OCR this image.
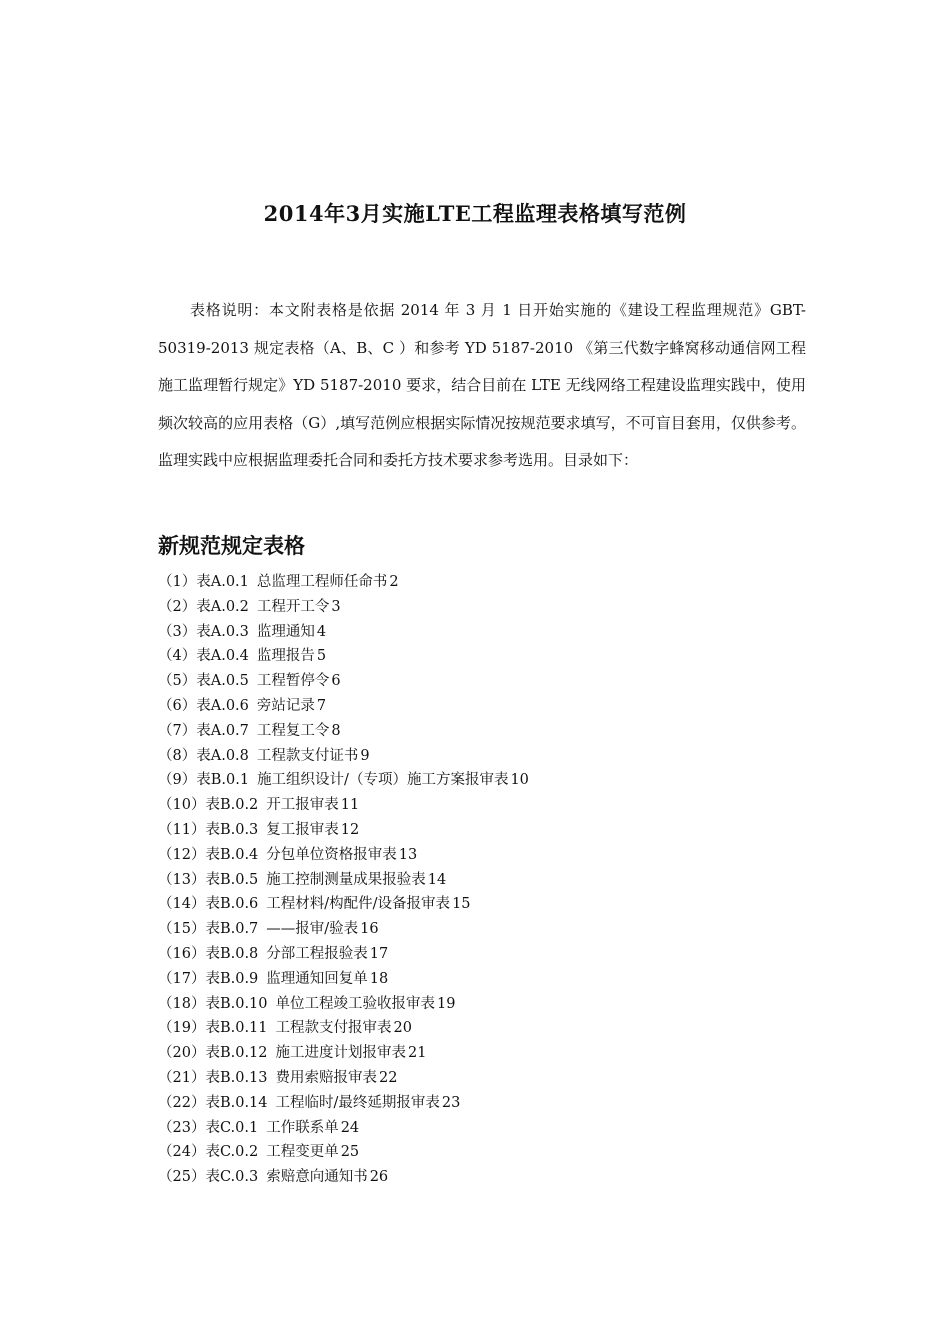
2014年3月实施LTE工程监理表格填写范例

表格说明：本文附表格是依据 2014 年 3 月 1 日开始实施的《建设工程监理规范》GBT-50319-2013 规定表格（A、B、C ）和参考 YD 5187-2010 《第三代数字蜂窝移动通信网工程施工监理暂行规定》YD 5187-2010 要求，结合目前在 LTE 无线网络工程建设监理实践中，使用频次较高的应用表格（G）,填写范例应根据实际情况按规范要求填写，不可盲目套用，仅供参考。监理实践中应根据监理委托合同和委托方技术要求参考选用。目录如下：

新规范规定表格
（1）表A.0.1 总监理工程师任命书 2
（2）表A.0.2 工程开工令 3
（3）表A.0.3 监理通知 4
（4）表A.0.4 监理报告 5
（5）表A.0.5 工程暂停令 6
（6）表A.0.6 旁站记录 7
（7）表A.0.7 工程复工令 8
（8）表A.0.8 工程款支付证书 9
（9）表B.0.1 施工组织设计/（专项）施工方案报审表 10
（10）表B.0.2 开工报审表 11
（11）表B.0.3 复工报审表 12
（12）表B.0.4 分包单位资格报审表 13
（13）表B.0.5 施工控制测量成果报验表 14
（14）表B.0.6 工程材料/构配件/设备报审表 15
（15）表B.0.7 ——报审/验表 16
（16）表B.0.8 分部工程报验表 17
（17）表B.0.9 监理通知回复单 18
（18）表B.0.10 单位工程竣工验收报审表 19
（19）表B.0.11 工程款支付报审表 20
（20）表B.0.12 施工进度计划报审表 21
（21）表B.0.13 费用索赔报审表 22
（22）表B.0.14 工程临时/最终延期报审表 23
（23）表C.0.1 工作联系单 24
（24）表C.0.2 工程变更单 25
（25）表C.0.3 索赔意向通知书 26
